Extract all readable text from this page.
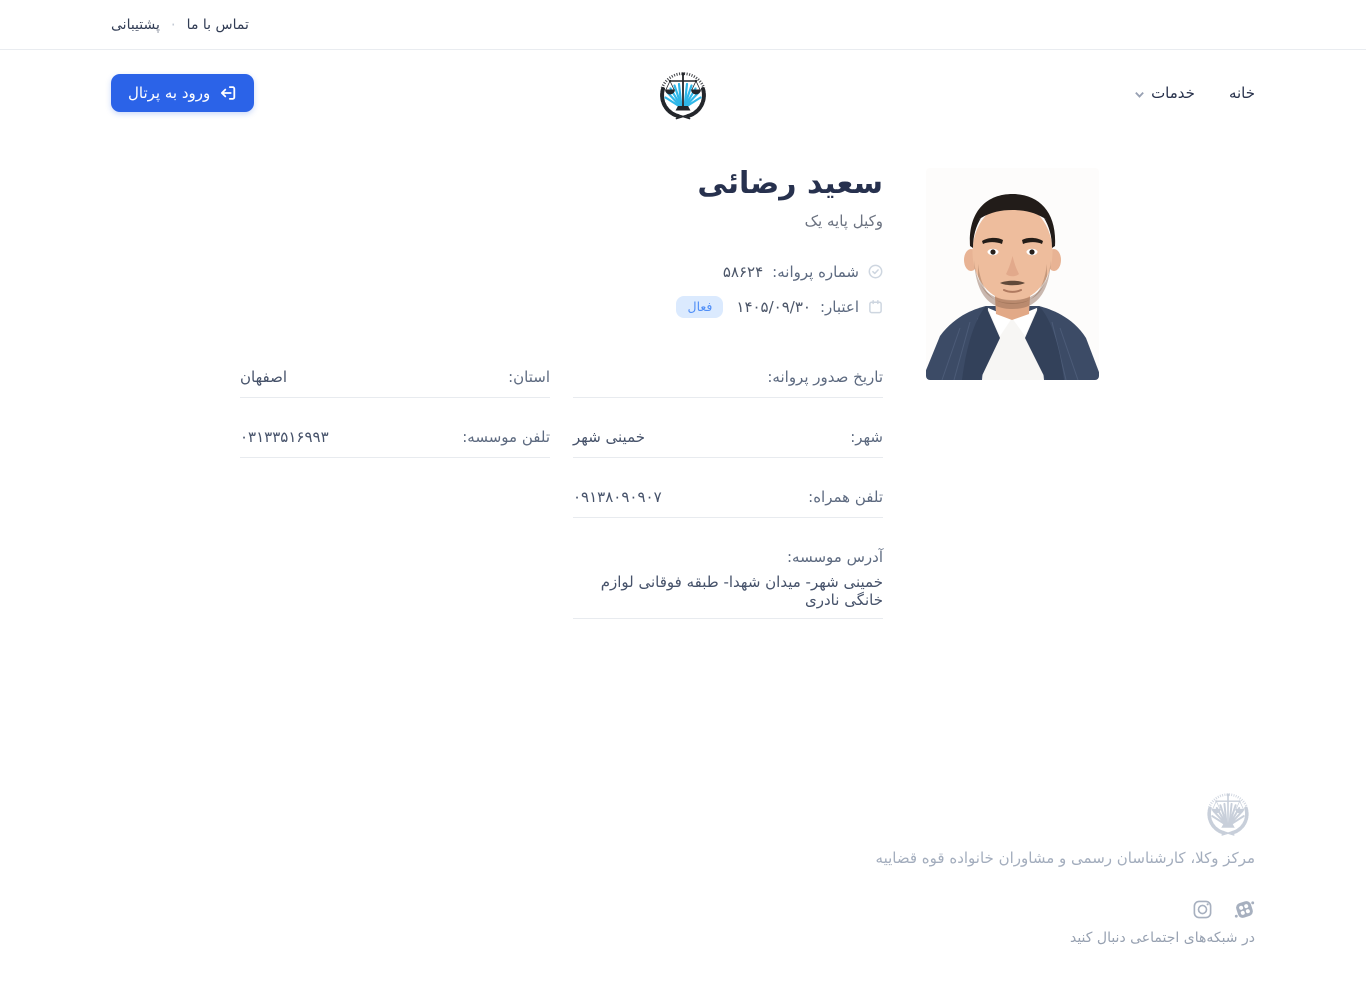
پشتیبانی · تماس با ما
خانه
خدمات
ورود به پرتال
سعید رضائی
وکیل پایه یک
شماره پروانه:
۵۸۶۲۴
اعتبار:
۱۴۰۵/۰۹/۳۰
فعال
تاریخ صدور پروانه:
استان:
اصفهان
شهر:
خمینی شهر
تلفن موسسه:
۰۳۱۳۳۵۱۶۹۹۳
تلفن همراه:
۰۹۱۳۸۰۹۰۹۰۷
آدرس موسسه:
خمینی شهر- میدان شهدا- طبقه فوقانی لوازم خانگی نادری
مرکز وکلا، کارشناسان رسمی و مشاوران خانواده قوه قضاییه
در شبکه‌های اجتماعی دنبال کنید
